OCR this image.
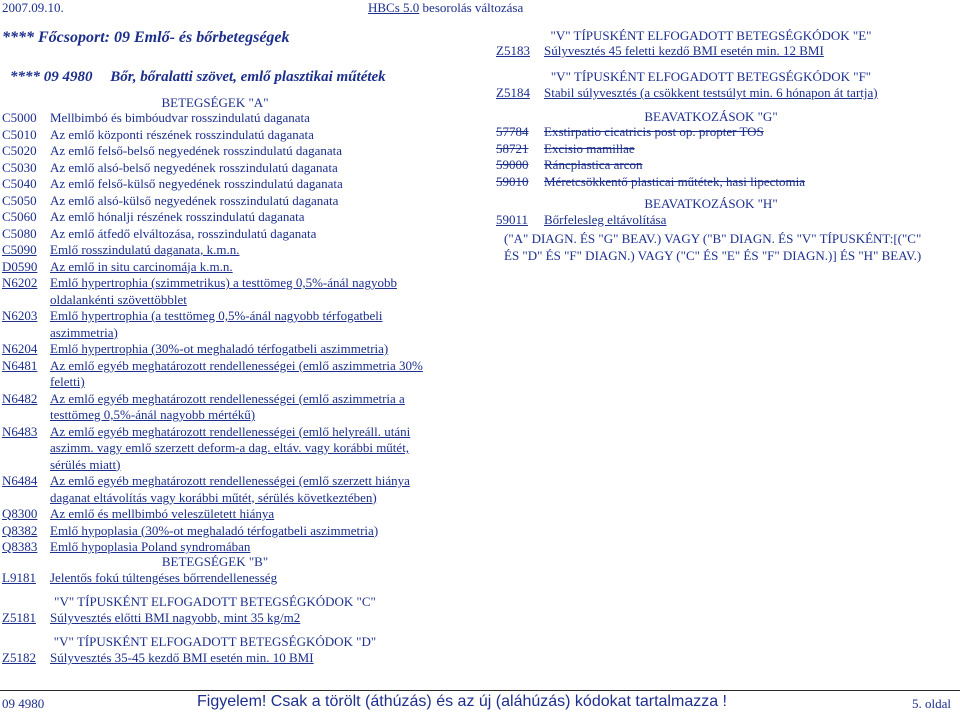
2007.09.10.	HBCs 5.0 besorolás változása
**** Főcsoport: 09 Emlő- és bőrbetegségek
**** 09 4980 Bőr, bőralatti szövet, emlő plasztikai műtétek
BETEGSÉGEK "A"
C5000 Mellbimbó és bimbóudvar rosszindulatú daganata
C5010 Az emlő központi részének rosszindulatú daganata
C5020 Az emlő felső-belső negyedének rosszindulatú daganata
C5030 Az emlő alsó-belső negyedének rosszindulatú daganata
C5040 Az emlő felső-külső negyedének rosszindulatú daganata
C5050 Az emlő alsó-külső negyedének rosszindulatú daganata
C5060 Az emlő hónalji részének rosszindulatú daganata
C5080 Az emlő átfedő elváltozása, rosszindulatú daganata
C5090 Emlő rosszindulatú daganata, k.m.n.
D0590 Az emlő in situ carcinomája k.m.n.
N6202 Emlő hypertrophia (szimmetrikus) a testtömeg 0,5%-ánál nagyobb
oldalankénti szövettöbblet
N6203 Emlő hypertrophia (a testtömeg 0,5%-ánál nagyobb térfogatbeli
aszimmetria)
N6204 Emlő hypertrophia (30%-ot meghaladó térfogatbeli aszimmetria)
N6481 Az emlő egyéb meghatározott rendellenességei (emlő aszimmetria 30%
feletti)
N6482 Az emlő egyéb meghatározott rendellenességei (emlő aszimmetria a
testtömeg 0,5%-ánál nagyobb mértékű)
N6483 Az emlő egyéb meghatározott rendellenességei (emlő helyreáll. utáni
aszimm. vagy emlő szerzett deform-a dag. eltáv. vagy korábbi műtét,
sérülés miatt)
N6484 Az emlő egyéb meghatározott rendellenességei (emlő szerzett hiánya
daganat eltávolítás vagy korábbi műtét, sérülés következtében)
Q8300 Az emlő és mellbimbó veleszületett hiánya
Q8382 Emlő hypoplasia (30%-ot meghaladó térfogatbeli aszimmetria)
Q8383 Emlő hypoplasia Poland syndromában
BETEGSÉGEK "B"
L9181 Jelentős fokú túltengéses bőrrendellenesség
"V" TÍPUSKÉNT ELFOGADOTT BETEGSÉGKÓDOK "C"
Z5181 Súlyvesztés előtti BMI nagyobb, mint 35 kg/m2
"V" TÍPUSKÉNT ELFOGADOTT BETEGSÉGKÓDOK "D"
Z5182 Súlyvesztés 35-45 kezdő BMI esetén min. 10 BMI
"V" TÍPUSKÉNT ELFOGADOTT BETEGSÉGKÓDOK "E"
Z5183 Súlyvesztés 45 feletti kezdő BMI esetén min. 12 BMI
"V" TÍPUSKÉNT ELFOGADOTT BETEGSÉGKÓDOK "F"
Z5184 Stabil súlyvesztés (a csökkent testsúlyt min. 6 hónapon át tartja)
BEAVATKOZÁSOK "G"
57784 Exstirpatio cicatricis post op. propter TOS
58721 Excisio mamillae
59000 Ráncplastica arcon
59010 Méretcsökkentő plasticai műtétek, hasi lipectomia
BEAVATKOZÁSOK "H"
59011 Bőrfelesleg eltávolítása
("A" DIAGN. ÉS "G" BEAV.) VAGY ("B" DIAGN. ÉS "V" TÍPUSKÉNT:[("C"
ÉS "D" ÉS "F" DIAGN.) VAGY ("C" ÉS "E" ÉS "F" DIAGN.)] ÉS "H" BEAV.)
09 4980	Figyelem! Csak a törölt (áthúzás) és az új (aláhúzás) kódokat tartalmazza !	5. oldal
